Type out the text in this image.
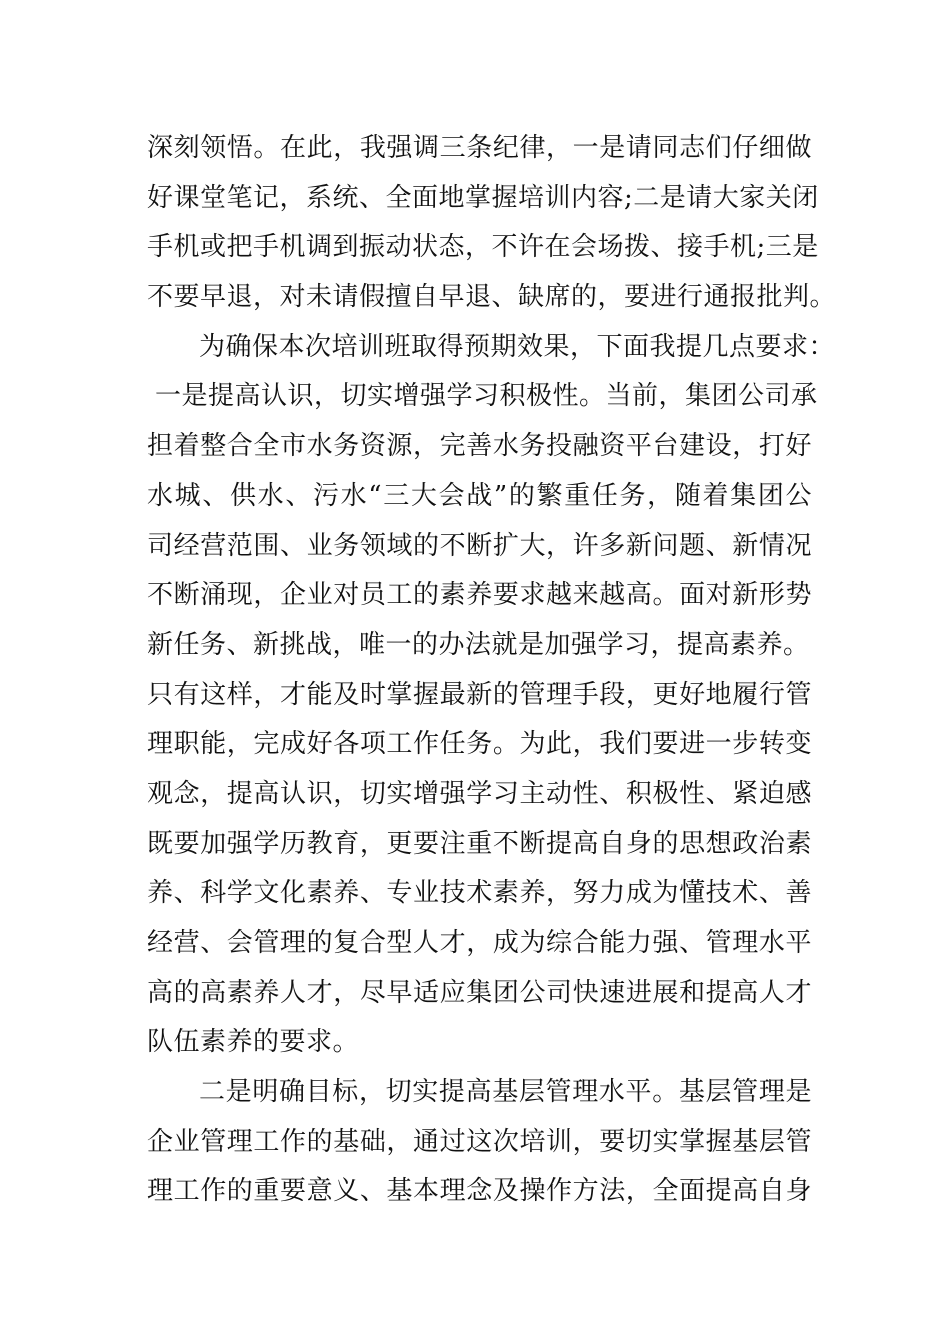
深刻领悟。在此，我强调三条纪律，一是请同志们仔细做
好课堂笔记，系统、全面地掌握培训内容;二是请大家关闭
手机或把手机调到振动状态，不许在会场拨、接手机;三是
不要早退，对未请假擅自早退、缺席的，要进行通报批判。
为确保本次培训班取得预期效果，下面我提几点要求：
一是提高认识，切实增强学习积极性。当前，集团公司承
担着整合全市水务资源，完善水务投融资平台建设，打好
水城、供水、污水“三大会战”的繁重任务，随着集团公
司经营范围、业务领域的不断扩大，许多新问题、新情况
不断涌现，企业对员工的素养要求越来越高。面对新形势
新任务、新挑战，唯一的办法就是加强学习，提高素养。
只有这样，才能及时掌握最新的管理手段，更好地履行管
理职能，完成好各项工作任务。为此，我们要进一步转变
观念，提高认识，切实增强学习主动性、积极性、紧迫感
既要加强学历教育，更要注重不断提高自身的思想政治素
养、科学文化素养、专业技术素养，努力成为懂技术、善
经营、会管理的复合型人才，成为综合能力强、管理水平
高的高素养人才，尽早适应集团公司快速进展和提高人才
队伍素养的要求。
二是明确目标，切实提高基层管理水平。基层管理是
企业管理工作的基础，通过这次培训，要切实掌握基层管
理工作的重要意义、基本理念及操作方法，全面提高自身
